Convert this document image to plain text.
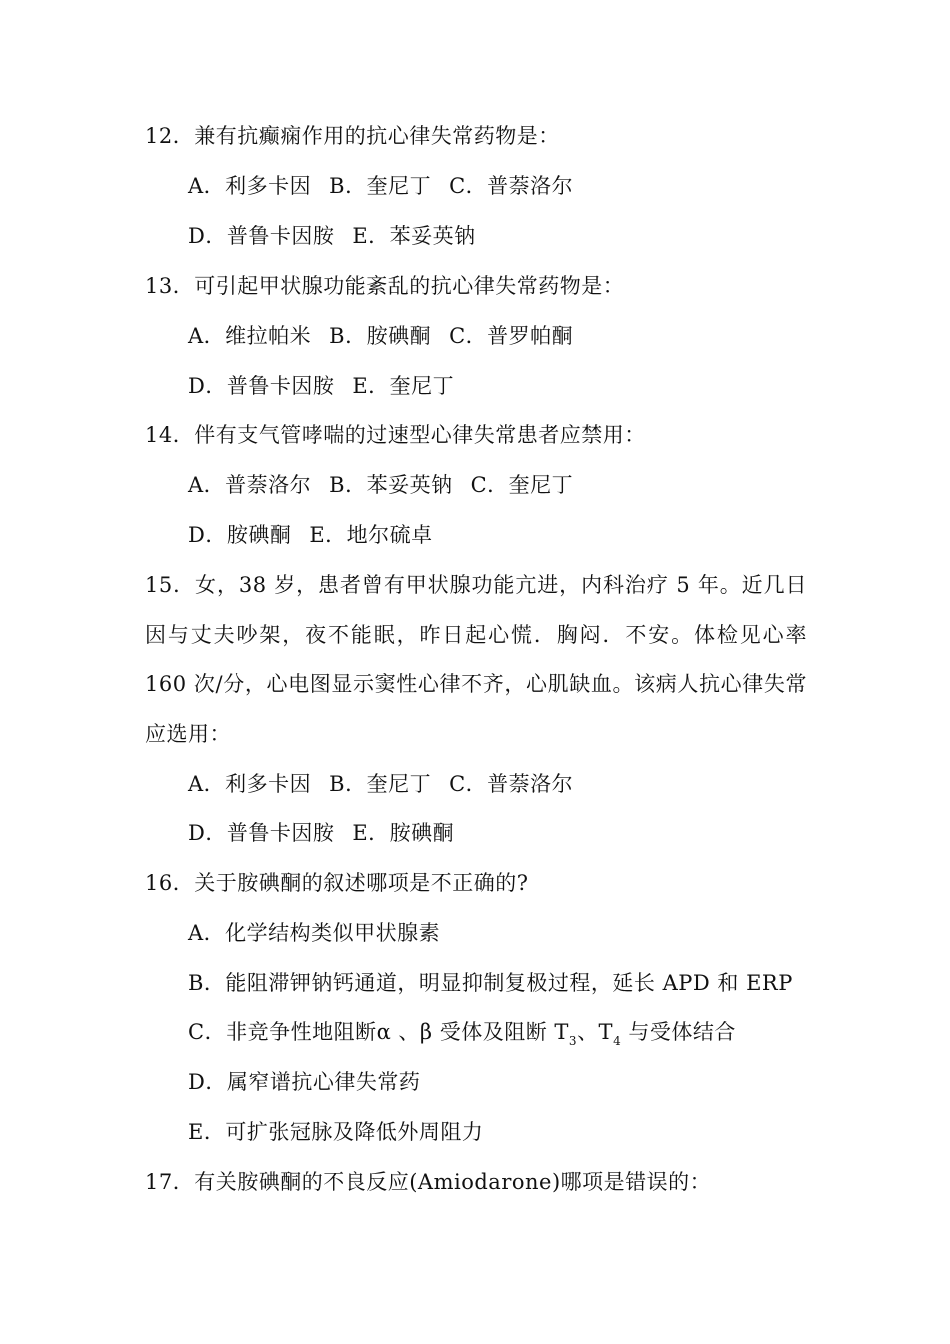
12．兼有抗癫痫作用的抗心律失常药物是：
A．利多卡因 B．奎尼丁 C．普萘洛尔
D．普鲁卡因胺 E．苯妥英钠
13．可引起甲状腺功能紊乱的抗心律失常药物是：
A．维拉帕米 B．胺碘酮 C．普罗帕酮
D．普鲁卡因胺 E．奎尼丁
14．伴有支气管哮喘的过速型心律失常患者应禁用：
A．普萘洛尔 B．苯妥英钠 C．奎尼丁
D．胺碘酮 E．地尔硫卓
15．女，38 岁，患者曾有甲状腺功能亢进，内科治疗 5 年。近几日
因与丈夫吵架，夜不能眠，昨日起心慌．胸闷．不安。体检见心率
160 次/分，心电图显示窦性心律不齐，心肌缺血。该病人抗心律失常
应选用：
A．利多卡因 B．奎尼丁 C．普萘洛尔
D．普鲁卡因胺 E．胺碘酮
16．关于胺碘酮的叙述哪项是不正确的?
A．化学结构类似甲状腺素
B．能阻滞钾钠钙通道，明显抑制复极过程，延长 APD 和 ERP
C．非竞争性地阻断α 、β 受体及阻断 $T_3$、$T_4$ 与受体结合
D．属窄谱抗心律失常药
E．可扩张冠脉及降低外周阻力
17．有关胺碘酮的不良反应(Amiodarone)哪项是错误的：
